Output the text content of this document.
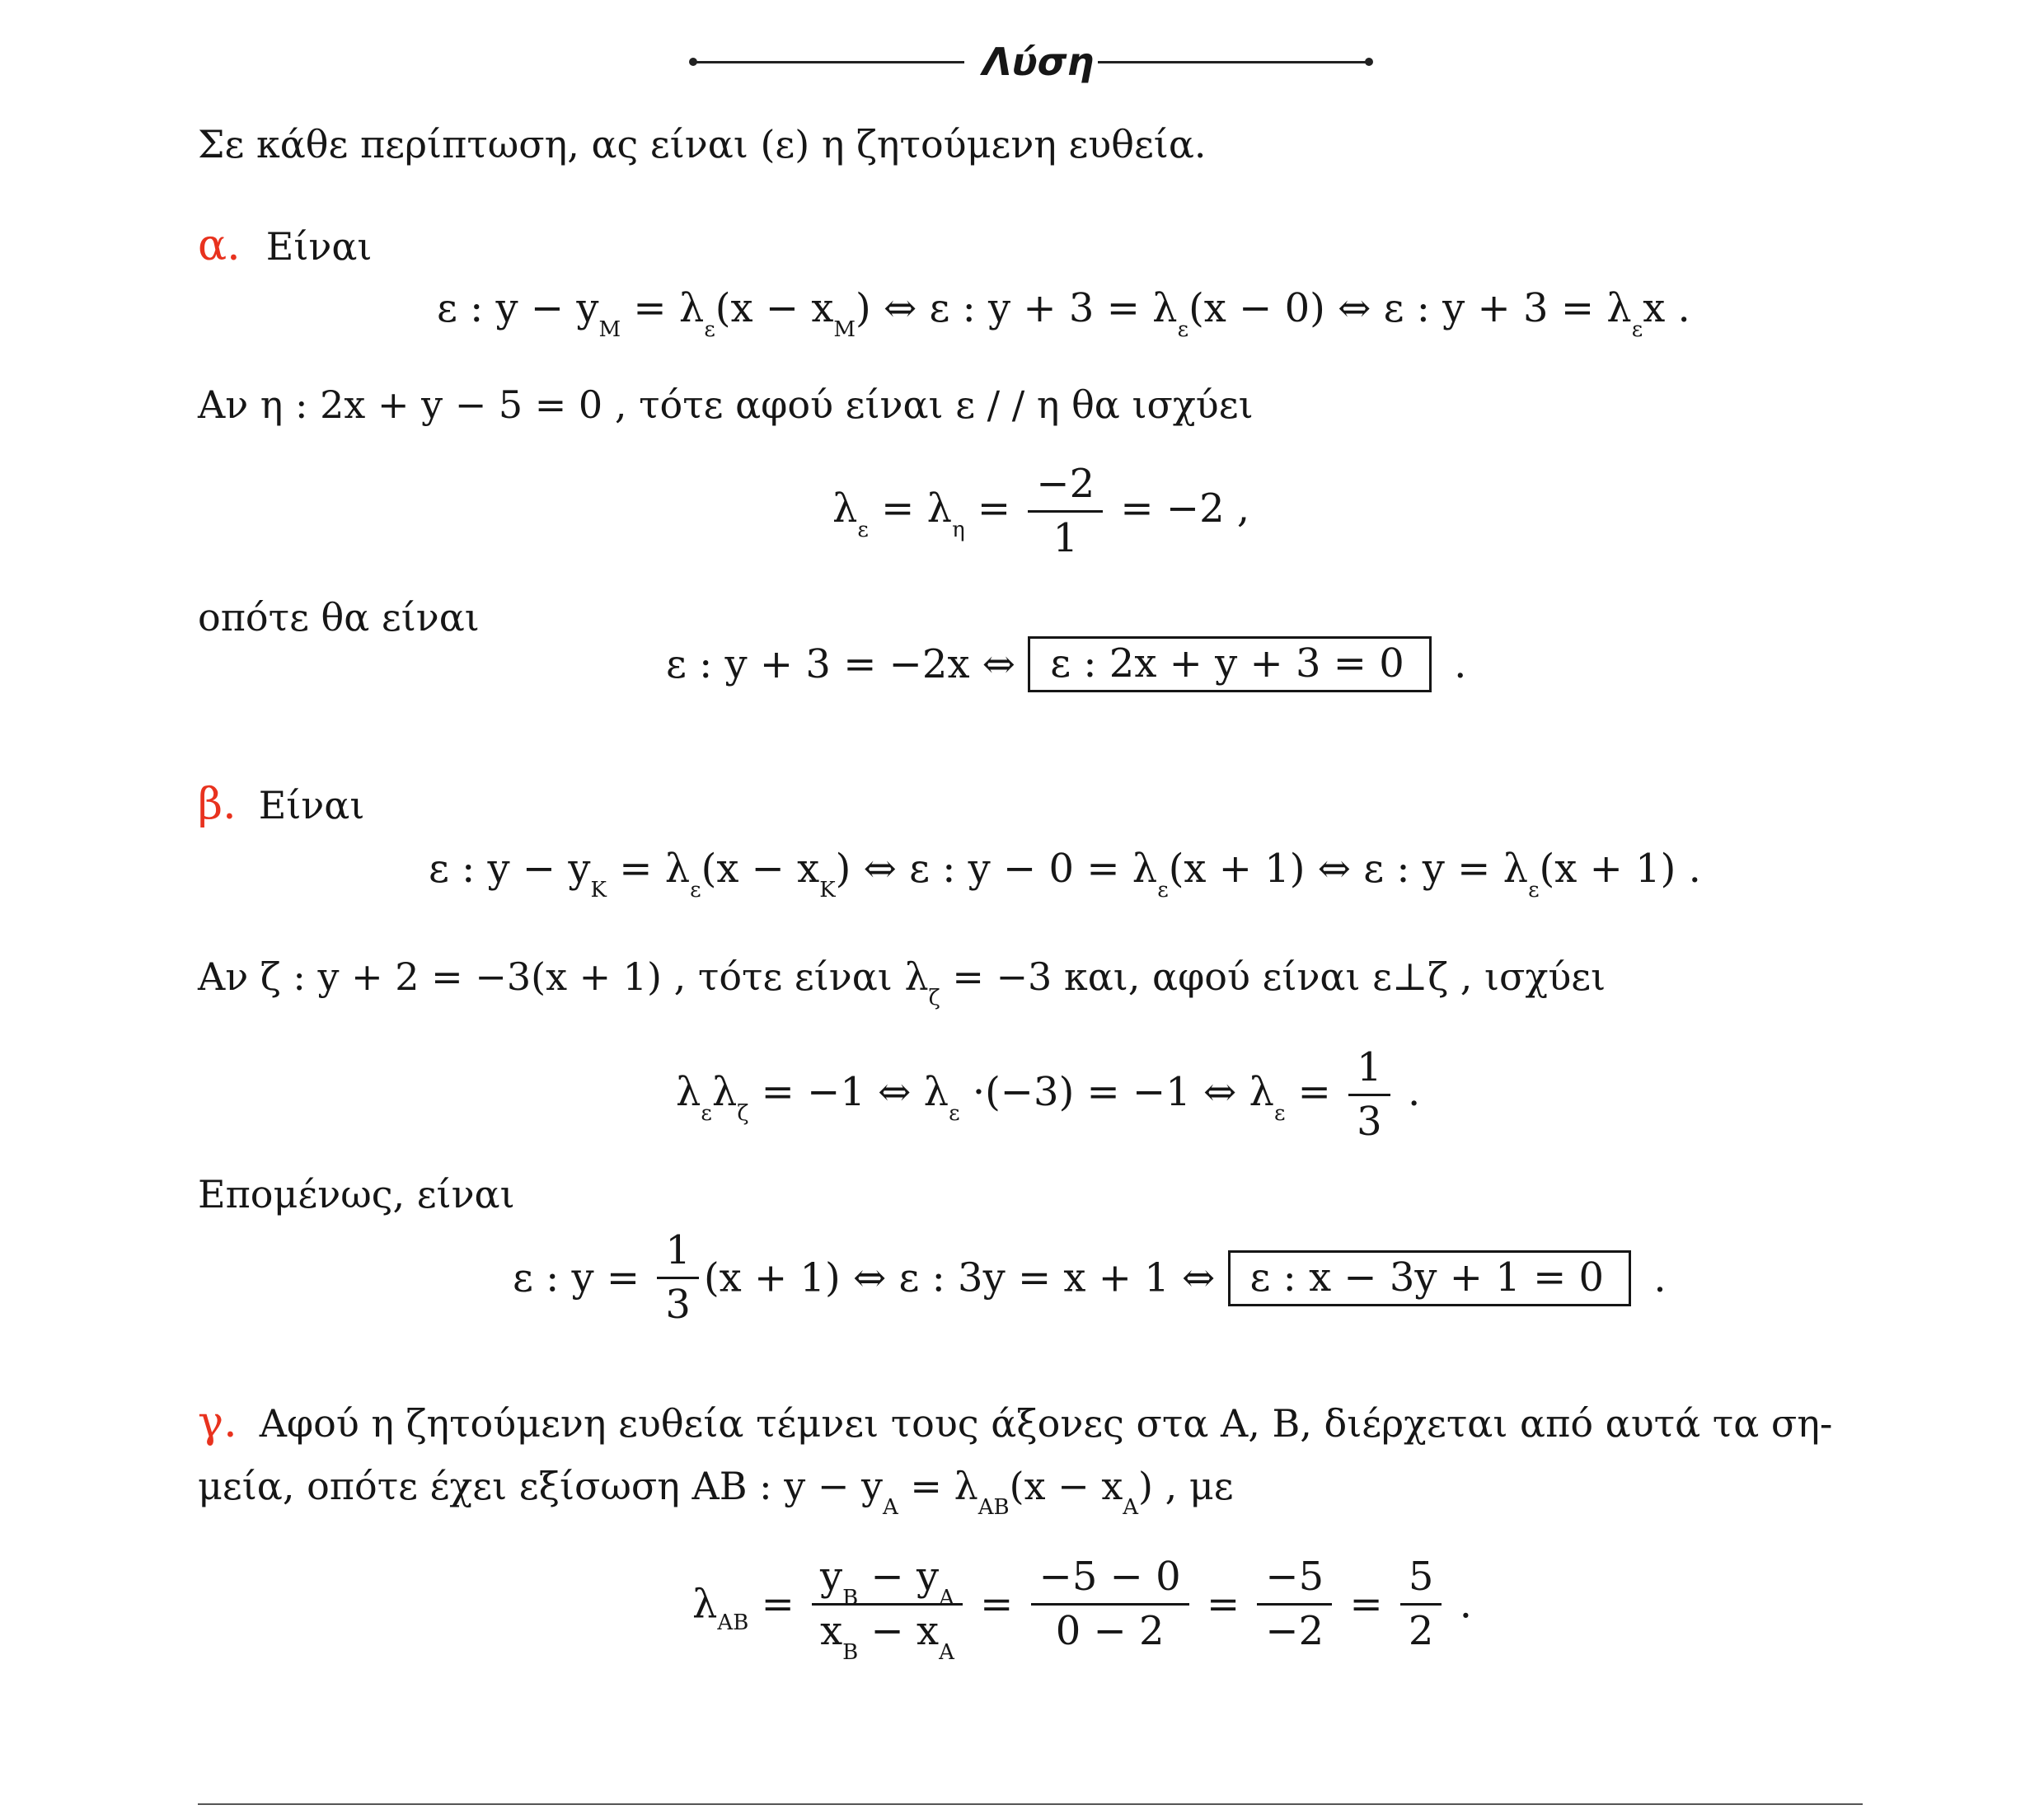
Λύση
Σε κάθε περίπτωση, ας είναι (ε) η ζητούμενη ευθεία.
α. Είναι
ε : $y - y_M = \lambda_\varepsilon(x - x_M)$ ⇔ ε : $y + 3 = \lambda_\varepsilon(x - 0)$ ⇔ ε : $y + 3 = \lambda_\varepsilon x$ .
Αν η : 2x + y − 5 = 0 , τότε αφού είναι ε / / η θα ισχύει
$\lambda_\varepsilon = \lambda_\eta = \frac{-2}{1} = -2$ ,
οπότε θα είναι
ε : y + 3 = −2x ⇔ ε : 2x + y + 3 = 0 .
β. Είναι
ε : $y - y_K = \lambda_\varepsilon(x - x_K)$ ⇔ ε : $y - 0 = \lambda_\varepsilon(x + 1)$ ⇔ ε : $y = \lambda_\varepsilon(x + 1)$ .
Αν ζ : y + 2 = −3(x + 1) , τότε είναι $\lambda_\zeta = -3$ και, αφού είναι ε⊥ζ , ισχύει
$\lambda_\varepsilon\lambda_\zeta = -1$ ⇔ $\lambda_\varepsilon \cdot(-3) = -1$ ⇔ $\lambda_\varepsilon = \frac{1}{3}$ .
Επομένως, είναι
ε : $y = \frac{1}{3} (x + 1)$ ⇔ ε : 3y = x + 1 ⇔ ε : x − 3y + 1 = 0 .
γ. Αφού η ζητούμενη ευθεία τέμνει τους άξονες στα A, B, διέρχεται από αυτά τα ση-
μεία, οπότε έχει εξίσωση AB : $y - y_A = \lambda_{AB}(x - x_A)$ , με
$\lambda_{AB} = \frac{y_B - y_A}{x_B - x_A} = \frac{-5 - 0}{0 - 2} = \frac{-5}{-2} = \frac{5}{2}$ .
